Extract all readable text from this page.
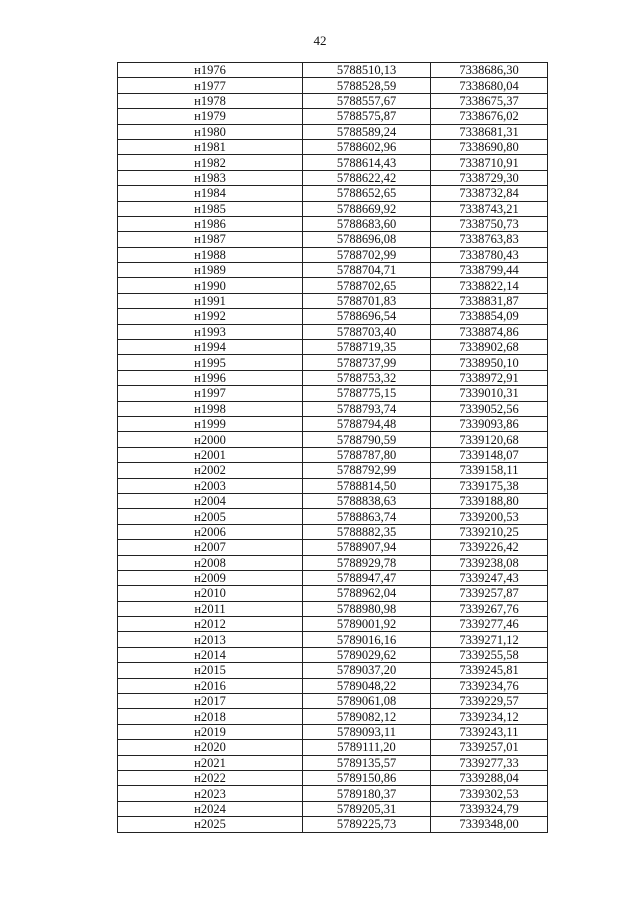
42
н1976	5788510,13	7338686,30
н1977	5788528,59	7338680,04
н1978	5788557,67	7338675,37
н1979	5788575,87	7338676,02
н1980	5788589,24	7338681,31
н1981	5788602,96	7338690,80
н1982	5788614,43	7338710,91
н1983	5788622,42	7338729,30
н1984	5788652,65	7338732,84
н1985	5788669,92	7338743,21
н1986	5788683,60	7338750,73
н1987	5788696,08	7338763,83
н1988	5788702,99	7338780,43
н1989	5788704,71	7338799,44
н1990	5788702,65	7338822,14
н1991	5788701,83	7338831,87
н1992	5788696,54	7338854,09
н1993	5788703,40	7338874,86
н1994	5788719,35	7338902,68
н1995	5788737,99	7338950,10
н1996	5788753,32	7338972,91
н1997	5788775,15	7339010,31
н1998	5788793,74	7339052,56
н1999	5788794,48	7339093,86
н2000	5788790,59	7339120,68
н2001	5788787,80	7339148,07
н2002	5788792,99	7339158,11
н2003	5788814,50	7339175,38
н2004	5788838,63	7339188,80
н2005	5788863,74	7339200,53
н2006	5788882,35	7339210,25
н2007	5788907,94	7339226,42
н2008	5788929,78	7339238,08
н2009	5788947,47	7339247,43
н2010	5788962,04	7339257,87
н2011	5788980,98	7339267,76
н2012	5789001,92	7339277,46
н2013	5789016,16	7339271,12
н2014	5789029,62	7339255,58
н2015	5789037,20	7339245,81
н2016	5789048,22	7339234,76
н2017	5789061,08	7339229,57
н2018	5789082,12	7339234,12
н2019	5789093,11	7339243,11
н2020	5789111,20	7339257,01
н2021	5789135,57	7339277,33
н2022	5789150,86	7339288,04
н2023	5789180,37	7339302,53
н2024	5789205,31	7339324,79
н2025	5789225,73	7339348,00
